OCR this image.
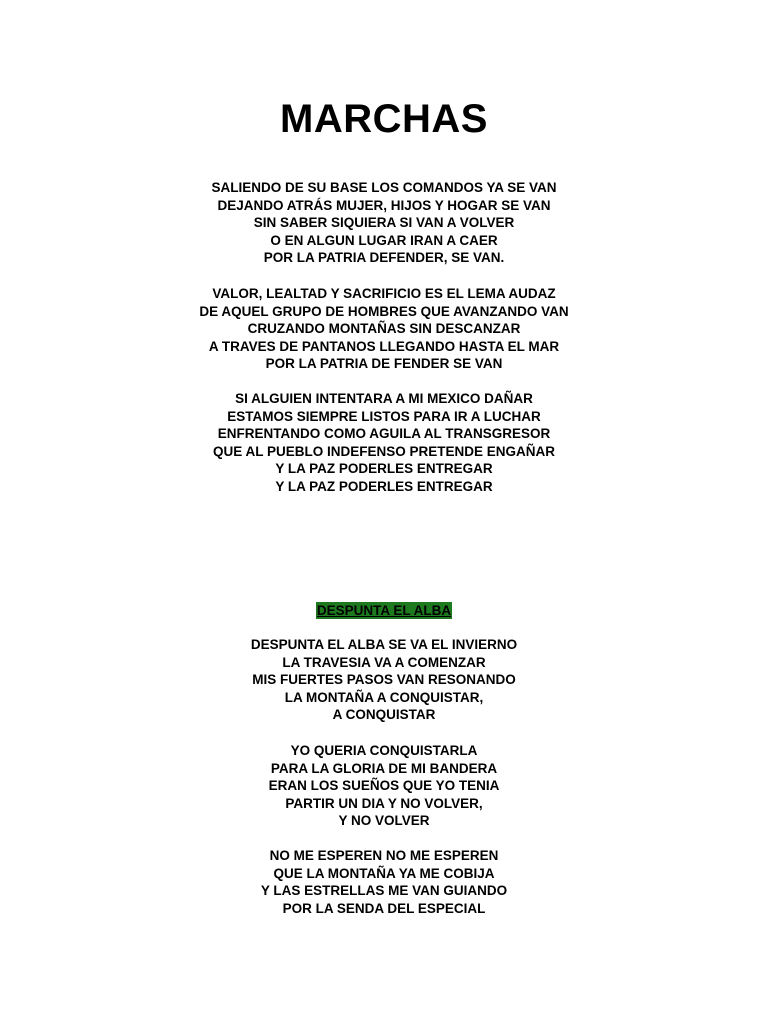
MARCHAS
SALIENDO DE SU BASE LOS COMANDOS YA SE VAN
DEJANDO ATRÁS MUJER, HIJOS Y HOGAR SE VAN
SIN SABER SIQUIERA SI VAN A VOLVER
O EN ALGUN LUGAR IRAN A CAER
POR LA PATRIA DEFENDER, SE VAN.
VALOR, LEALTAD Y SACRIFICIO ES EL LEMA AUDAZ
DE AQUEL GRUPO DE HOMBRES QUE AVANZANDO VAN
CRUZANDO MONTAÑAS SIN DESCANZAR
A TRAVES DE PANTANOS LLEGANDO HASTA EL MAR
POR LA PATRIA DE FENDER SE VAN
SI ALGUIEN INTENTARA A MI MEXICO DAÑAR
ESTAMOS SIEMPRE LISTOS PARA IR A LUCHAR
ENFRENTANDO COMO AGUILA AL TRANSGRESOR
QUE AL PUEBLO INDEFENSO PRETENDE ENGAÑAR
Y LA PAZ PODERLES ENTREGAR
Y LA PAZ PODERLES ENTREGAR
DESPUNTA EL ALBA
DESPUNTA EL ALBA SE VA EL INVIERNO
LA TRAVESIA VA A COMENZAR
MIS FUERTES PASOS VAN RESONANDO
LA MONTAÑA A CONQUISTAR,
A CONQUISTAR
YO QUERIA CONQUISTARLA
PARA LA GLORIA DE MI BANDERA
ERAN LOS SUEÑOS QUE YO TENIA
PARTIR UN DIA Y NO VOLVER,
Y NO VOLVER
NO ME ESPEREN NO ME ESPEREN
QUE LA MONTAÑA YA ME COBIJA
Y LAS ESTRELLAS ME VAN GUIANDO
POR LA SENDA DEL ESPECIAL
